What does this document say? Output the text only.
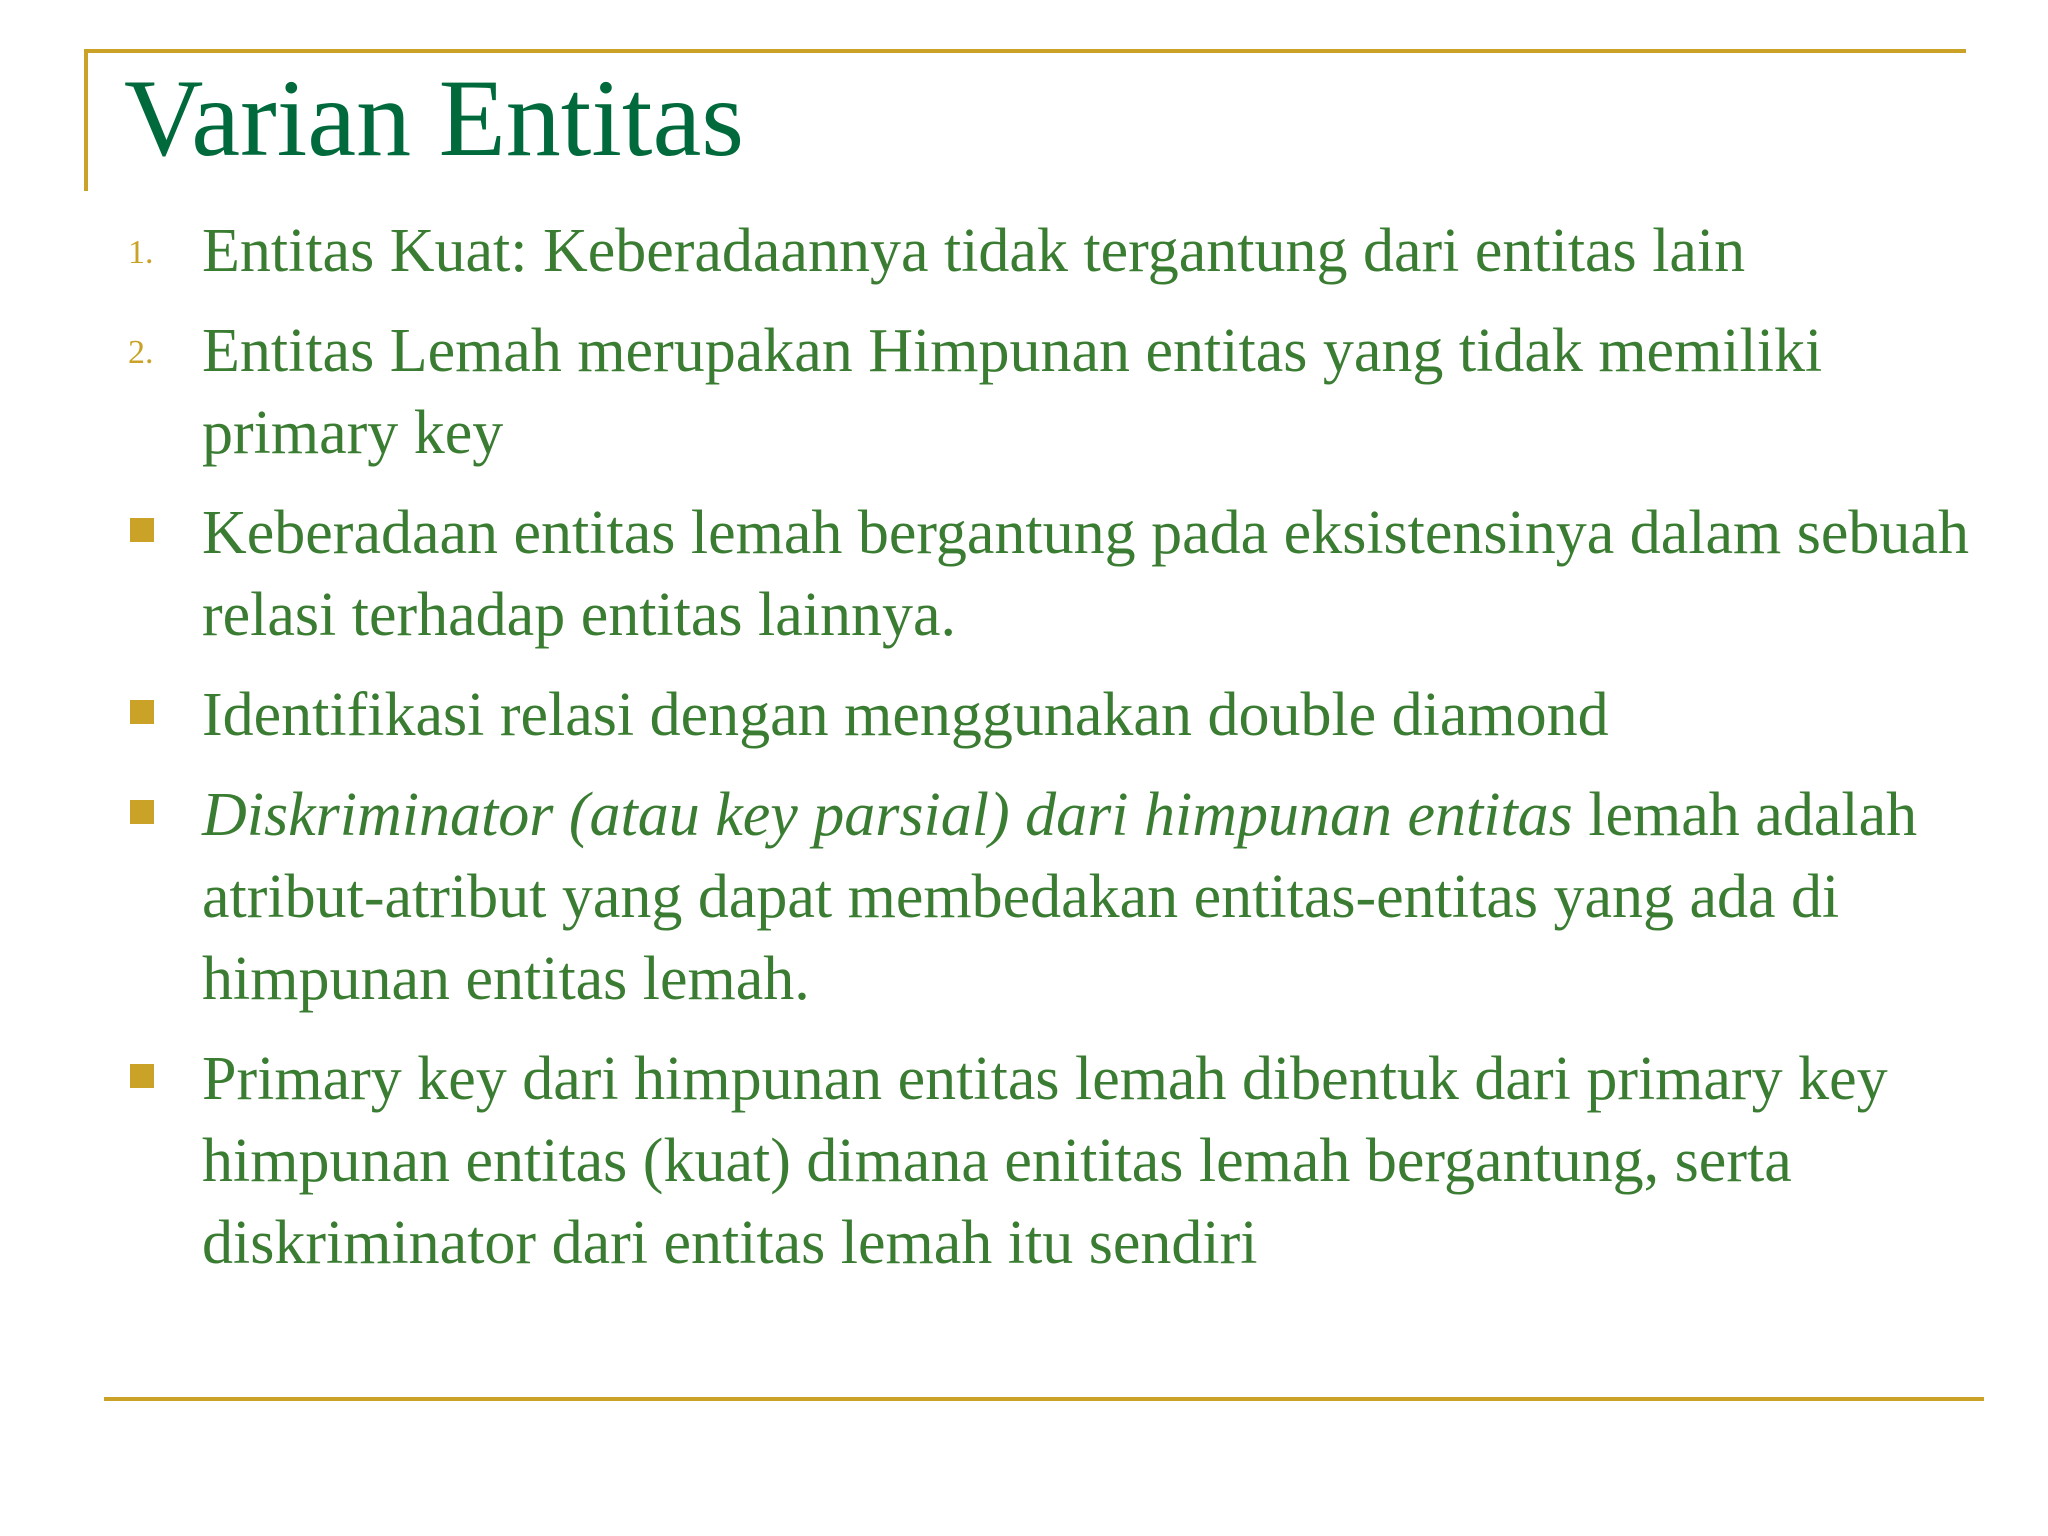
Varian Entitas
1. Entitas Kuat: Keberadaannya tidak tergantung dari entitas lain
2. Entitas Lemah merupakan Himpunan entitas yang tidak memiliki primary key
Keberadaan entitas lemah bergantung pada eksistensinya dalam sebuah relasi terhadap entitas lainnya.
Identifikasi relasi dengan menggunakan double diamond
Diskriminator (atau key parsial) dari himpunan entitas lemah adalah atribut-atribut yang dapat membedakan entitas-entitas yang ada di himpunan entitas lemah.
Primary key dari himpunan entitas lemah dibentuk dari primary key himpunan entitas (kuat) dimana enititas lemah bergantung, serta diskriminator dari entitas lemah itu sendiri
